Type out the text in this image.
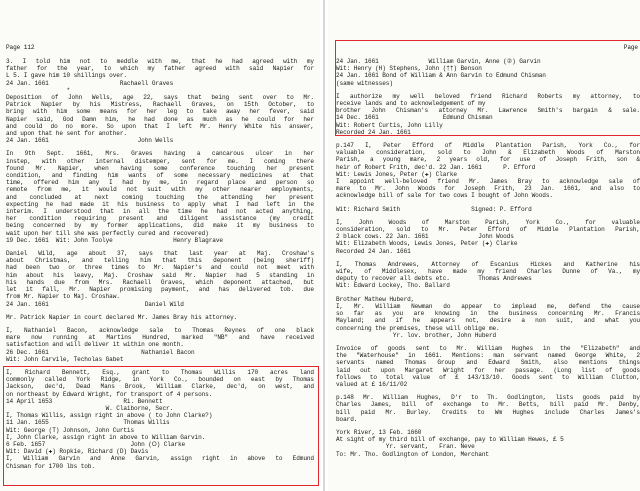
Page 112
3. I told him not to meddle with me, that he had agreed with my
father for the year, to which my father agreed with said Napier for
L 5. I gave him 10 shillings over.
24 Jan. 1661                    Rachaell Graves
*
Deposition of John Wells, age 22, says that being sent over to Mr.
Patrick Napier by his Mistress, Rachaell Graves, on 15th October, to
bring with him some means for her leg to take away her fever, said
Napier said, God Damn him, he had done as much as he could for her
and could do no more. So upon that I left Mr. Henry White his answer,
and upon that he sent for another.
24 Jan. 1661                         John Wells
In 9th Sept. 1661, Mrs. Graves having a cancarous ulcer in her
instep, with other internal distemper, sent for me. I coming there
found Mr. Napier, when having some conference touching her present
condition, and finding him wants of some necessary medicines at that
time, offered him any I had by me, in regard place and person so
remote from me, it would not suit with my other nearer employments,
and concluded at next coming touching the attending her present
expecting he had made it his business to apply what I had left in the
interim. I understood that in all the time he had not acted anything,
her condition requiring present and diligent assistance (my credit
being concerned by my former applications, did make it my business to
wait upon her till she was perfectly cured and recovered)
19 Dec. 1661  Wit: John Toolye                 Henry Blagrave
Daniel Wild, age about 37, says that last year at Maj. Croshaw's
about Christmas, and telling him that this deponent (being sheriff)
had been two or three times to Mr. Napier's and could not meet with
him about his leavy, Maj. Croshaw said Mr. Napier had 5 standing in
his hands due from Mrs. Rachaell Graves, which deponent attached, but
let it fall, Mr. Napier promising payment, and has delivered tob. due
from Mr. Napier to Maj. Croshaw.
24 Jan. 1661                           Daniel Wild
Mr. Patrick Napier in court declared Mr. James Bray his attorney.
I, Nathaniel Bacon, acknowledge sale to Thomas Reynes of one black
mare now running at Martins Hundred, marked "NB" and have received
satisfaction and will deliver it within one month.
26 Dec. 1661                          Nathaniel Bacon
Wit: John Carvile, Techolas Gabet
I, Richard Bennett, Esq., grant to Thomas Willis 170 acres land
commonly called York Ridge, in York Co., bounded on east by Thomas
Jackson, dec'd, Dead Mans Brook, William Clarke, dec'd, on west, and
on northeast by Edward Wright, for transport of 4 persons.
14 April 1653                    Ri. Bennett
W. Claiborne, Secr.
I, Thomas Willis, assign right in above ( to John Clarke?)
11 Jan. 1655                     Thomas Willis
Wit: George (T) Johnson, John Curtis
I, John Clarke, assign right in above to William Garvin.
6 Feb. 1657                        John (⭘) Clarke
Wit: David (✚) Ropkie, Richard (D) Davis
I, William Garvin and Anne Garvin, assign right in above to Edmund
Chisman for 1700 lbs tob.
Page
24 Jan. 1661              William Garvin, Anne (②) Garvin
Wit: Henry (H) Stephens, John (††) Benson
24 Jan. 1661 Bond of William & Ann Garvin to Edmund Chisman
(same witnesses)
I authorize my well beloved friend Richard Roberts my attorney, to
receive lands and to acknowledgement of my
brother John Chisman's attorney Mr. Lawrence Smith's bargain & sale.
14 Dec. 1661                  Edmund Chisman
Wit: Robert Curtis, John Lilly
Recorded 24 Jan. 1661
p.147 I, Peter Efford of Middle Plantation Parish, York Co., for
valuable consideration, sold to John & Elizabeth Woods of Marston
Parish, a young mare, 2 years old, for use of Joseph Frith, son &
heir of Robert Frith, dec'd. 22 Jan. 1661      P. Efford
Wit: Lewis Jones, Peter (✚) Clarke
I appoint well-beloved friend Mr. James Bray to acknowledge sale of
mare to Mr. John Woods for Joseph Frith, 23 Jan. 1661, and also to
acknowledge bill of sale for two cows I bought of John Woods.
Wit: Richard Smith                    Signed: P. Efford
I, John Woods of Marston Parish, York Co., for valuable
consideration, sold to Mr. Peter Efford of Middle Plantation Parish,
2 black cows. 22 Jan. 1661              John Woods
Wit: Elizabeth Woods, Lewis Jones, Peter (✚) Clarke
Recorded 24 Jan. 1661
I, Thomas Andrewes, Attorney of Escanius Hickes and Katherine his
wife, of Middlesex, have made my friend Charles Dunne of Va., my
deputy to recover all debts etc.        Thomas Andrewes
Wit: Edward Lockey, Tho. Ballard
Brother Mathew Huberd,
I, Mr. William Newman do appear to implead me, defend the cause
so far as you are knowing in the business concerning Mr. Francis
Mayland; and if he appears not, desire a non suit, and what you
concerning the premises, these will oblige me.
Yr. lov. brother, John Huberd
Invoice of goods sent to Mr. William Hughes in the "Elizabeth" and
the "Waterhouse" in 1661. Mentions: man servant named George White, 2
servants named Thomas Group and Edward Smith, also mentions things
laid out upon Margaret Wright for her passage. (Long list of goods
follows to total value of £ 143/13/10. Goods sent to William Clutton,
valued at £ 16/11/02
p.148 Mr. William Hughes, D'r to Th. Godlington, lists goods paid by
Charles James, bill of exchange to Mr. Betts, bill paid Mr. Denby,
bill paid Mr. Burley. Credits to Wm Hughes include Charles James's
board.
York River, 13 Feb. 1660
At sight of my third bill of exchange, pay to William Hewes, £ 5
Yr. servant,   Fran. Neve
To: Mr. Tho. Godlington of London, Merchant
